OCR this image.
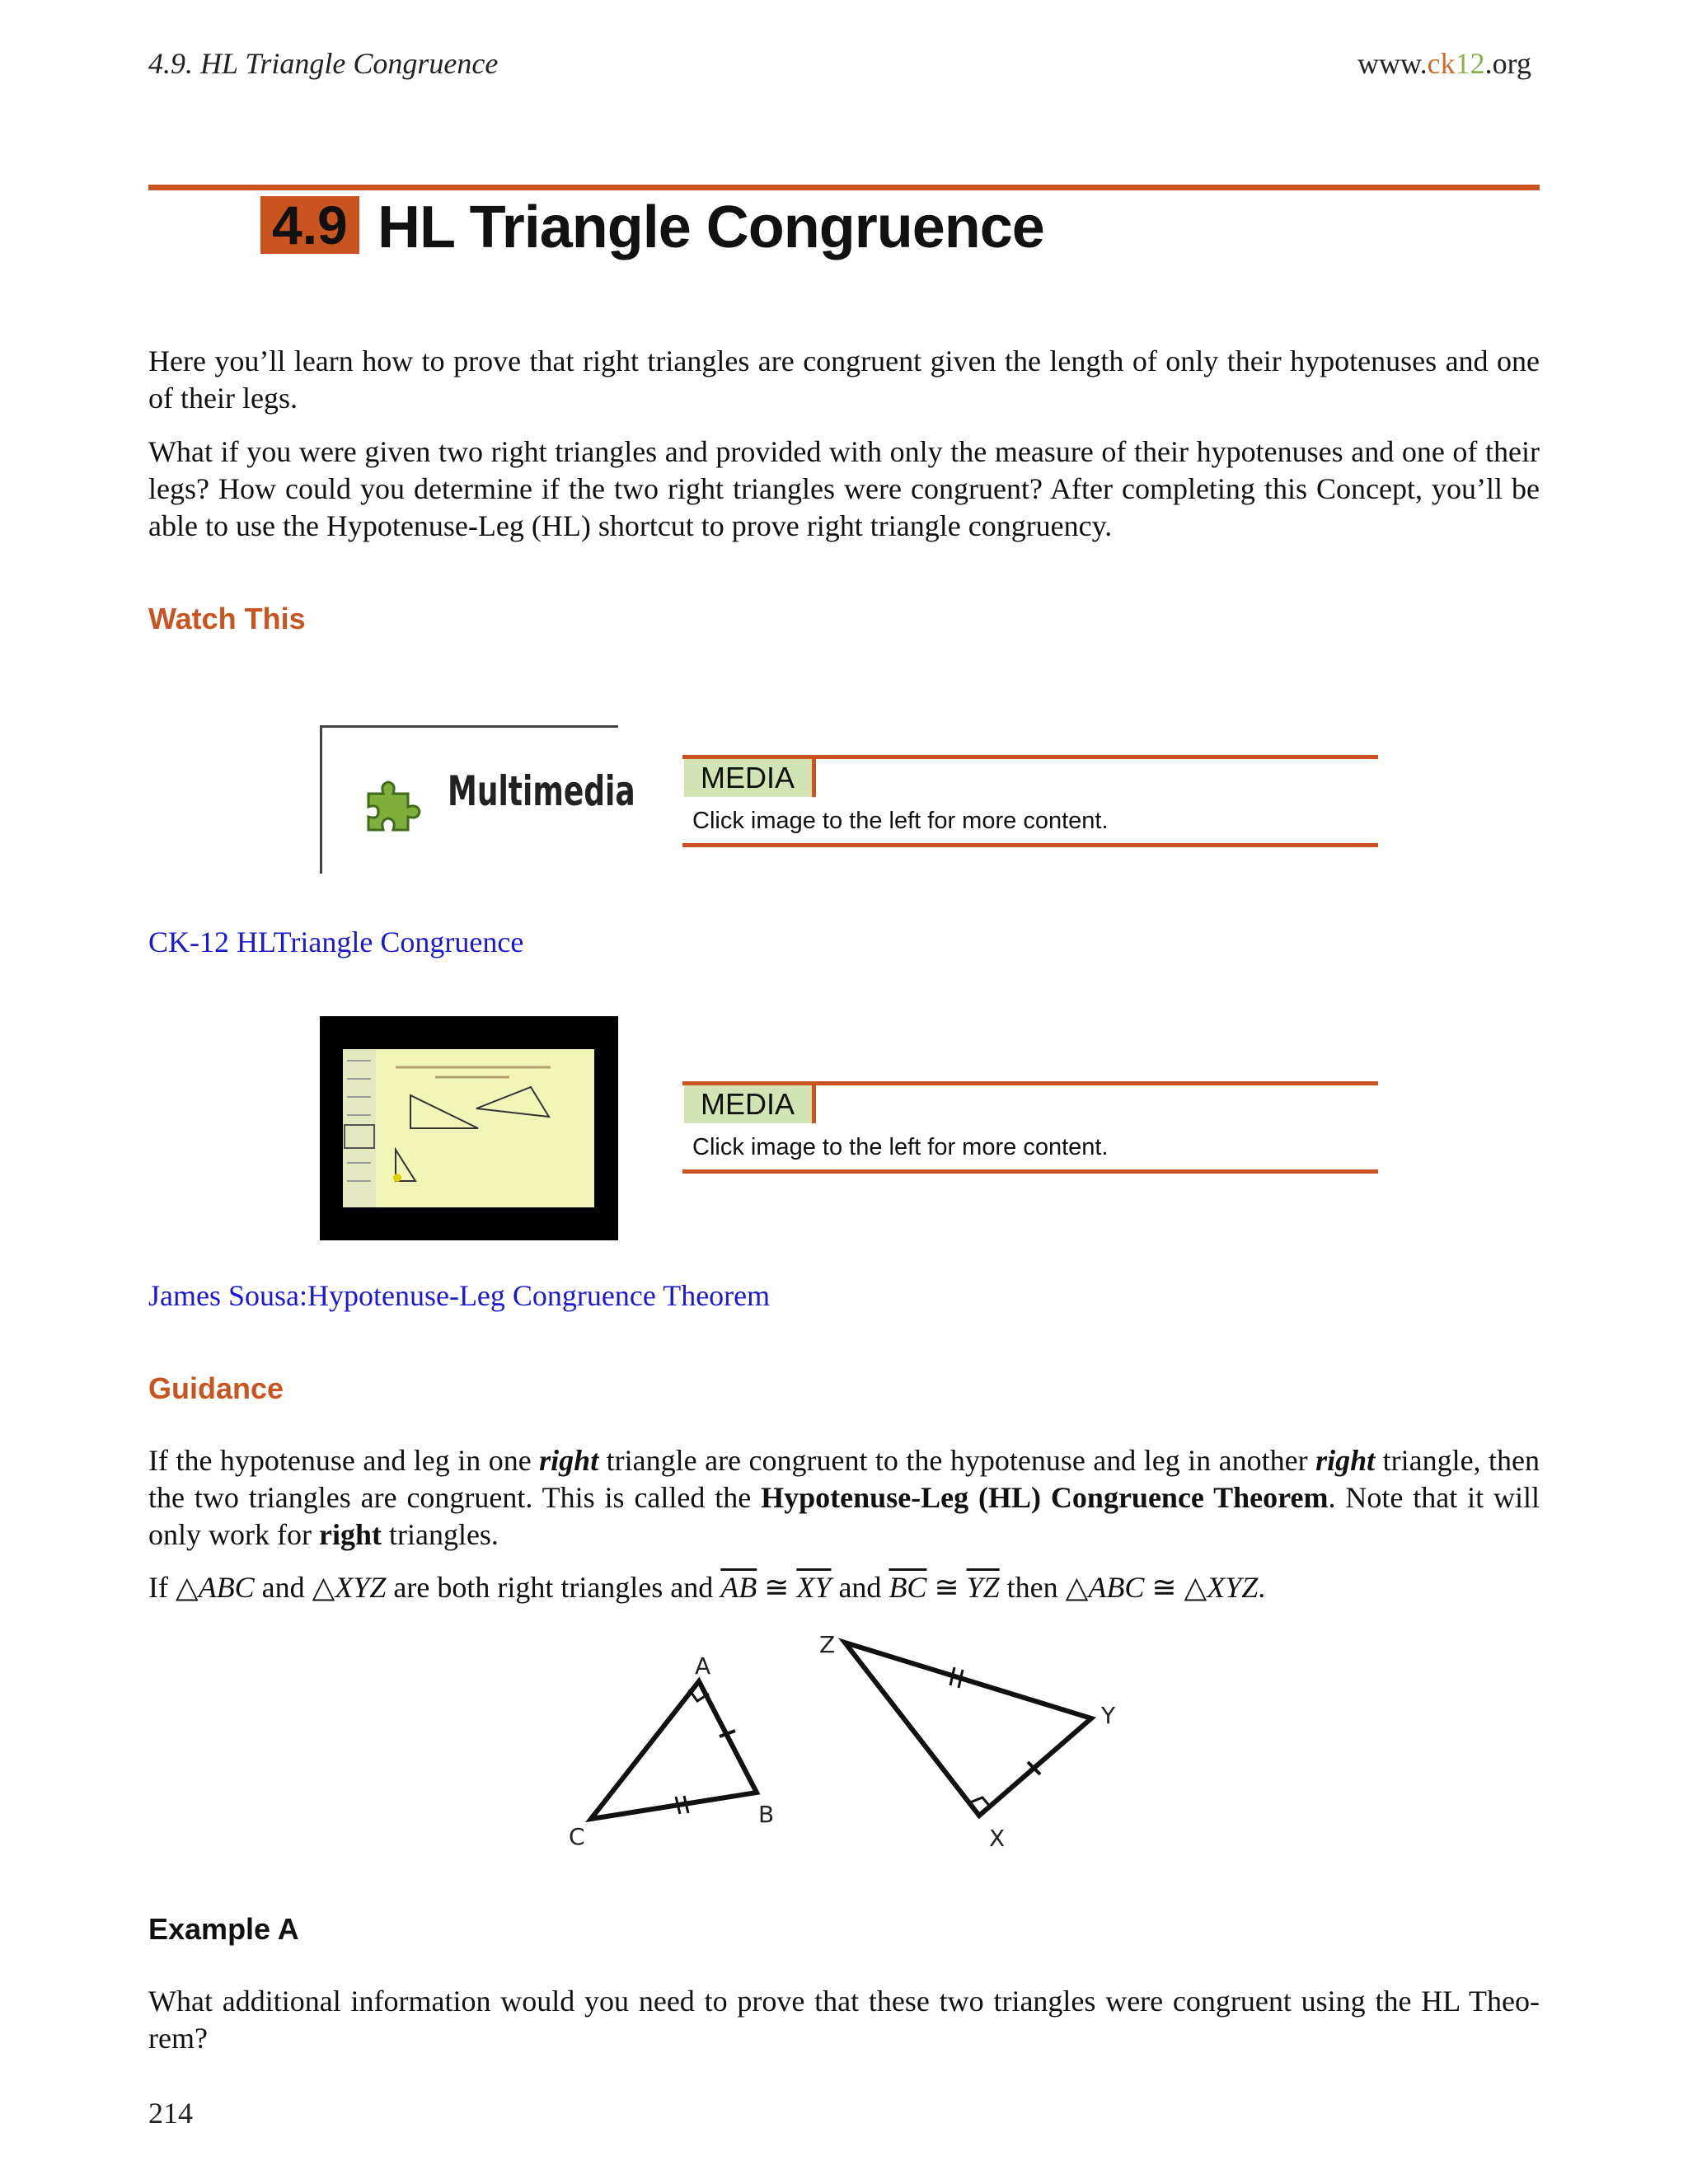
4.9. HL Triangle Congruence	www.ck12.org
4.9 HL Triangle Congruence

Here you’ll learn how to prove that right triangles are congruent given the length of only their hypotenuses and one of their legs.

What if you were given two right triangles and provided with only the measure of their hypotenuses and one of their legs? How could you determine if the two right triangles were congruent? After completing this Concept, you’ll be able to use the Hypotenuse-Leg (HL) shortcut to prove right triangle congruency.

Watch This
Multimedia	MEDIA
Click image to the left for more content.
CK-12 HLTriangle Congruence
MEDIA
Click image to the left for more content.
James Sousa:Hypotenuse-Leg Congruence Theorem
Guidance

If the hypotenuse and leg in one right triangle are congruent to the hypotenuse and leg in another right triangle, then the two triangles are congruent. This is called the Hypotenuse-Leg (HL) Congruence Theorem. Note that it will only work for right triangles.

If △ABC and △XYZ are both right triangles and $\overline{AB}$ ≅ $\overline{XY}$ and $\overline{BC}$ ≅ $\overline{YZ}$ then △ABC ≅ △XYZ.

A
B
C	X
Y
Z
Example A

What additional information would you need to prove that these two triangles were congruent using the HL Theo- rem?

214
